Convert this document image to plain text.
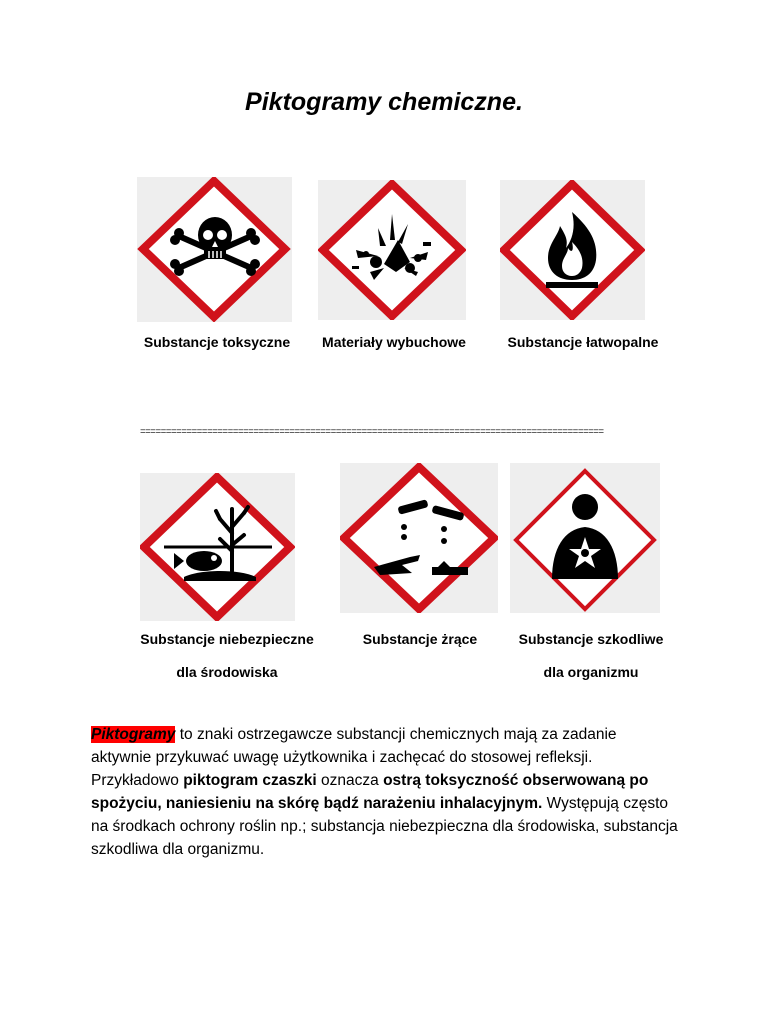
Piktogramy chemiczne.
Substancje toksyczne	Materiały wybuchowe	Substancje łatwopalne
==========================================================================================
Substancje niebezpieczne
dla środowiska
Substancje żrące	Substancje szkodliwe
dla organizmu
Piktogramy to znaki ostrzegawcze substancji chemicznych mają za zadanie aktywnie przykuwać uwagę użytkownika i zachęcać do stosowej refleksji. Przykładowo piktogram czaszki oznacza ostrą toksyczność obserwowaną po spożyciu, naniesieniu na skórę bądź narażeniu inhalacyjnym. Występują często na środkach ochrony roślin np.; substancja niebezpieczna dla środowiska, substancja szkodliwa dla organizmu.
